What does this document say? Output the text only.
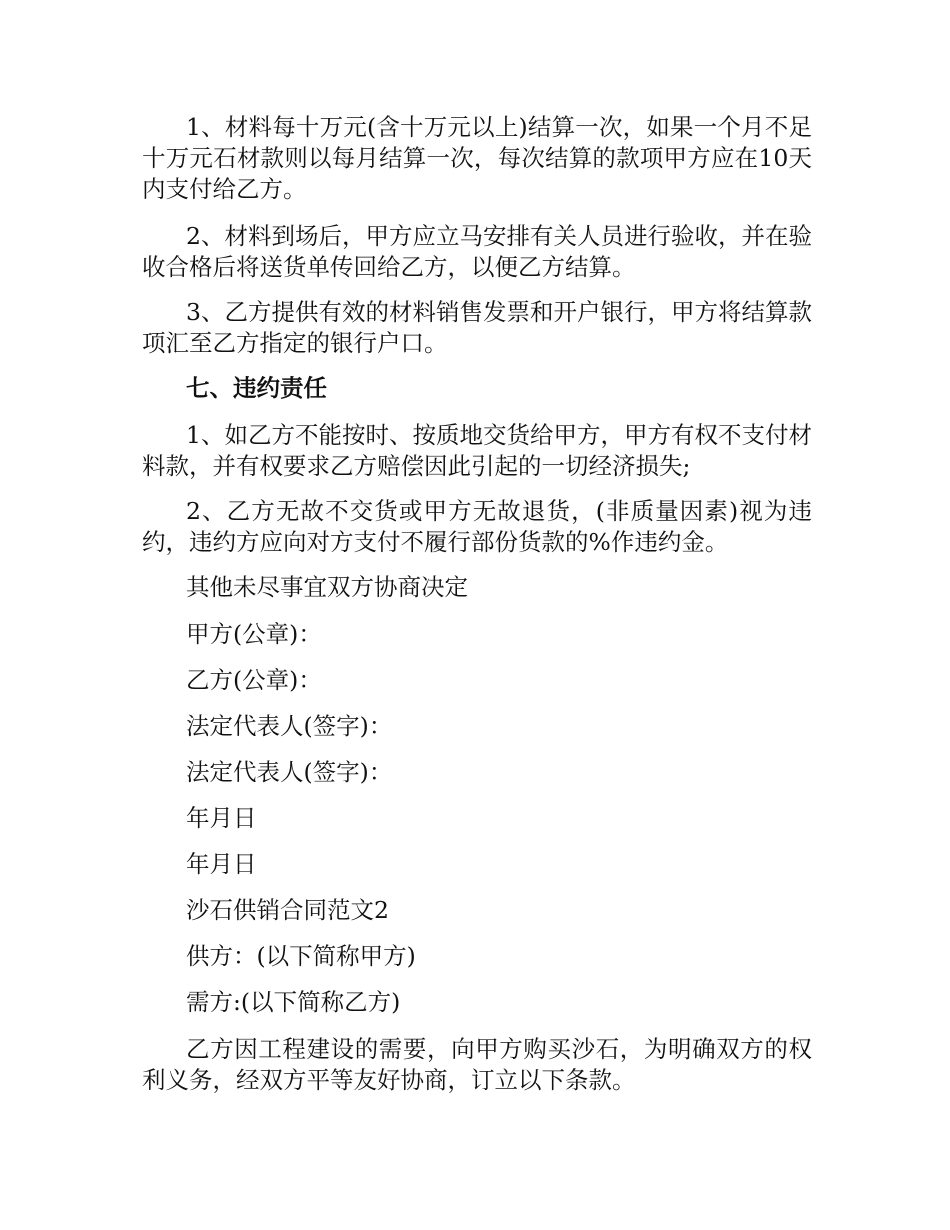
1、材料每十万元(含十万元以上)结算一次，如果一个月不足十万元石材款则以每月结算一次，每次结算的款项甲方应在10天内支付给乙方。

2、材料到场后，甲方应立马安排有关人员进行验收，并在验收合格后将送货单传回给乙方，以便乙方结算。

3、乙方提供有效的材料销售发票和开户银行，甲方将结算款项汇至乙方指定的银行户口。

七、违约责任

1、如乙方不能按时、按质地交货给甲方，甲方有权不支付材料款，并有权要求乙方赔偿因此引起的一切经济损失;

2、乙方无故不交货或甲方无故退货，(非质量因素)视为违约，违约方应向对方支付不履行部份货款的%作违约金。

其他未尽事宜双方协商决定

甲方(公章)：

乙方(公章)：

法定代表人(签字)：

法定代表人(签字)：

年月日

年月日

沙石供销合同范文2

供方：(以下简称甲方)

需方:(以下简称乙方)

乙方因工程建设的需要，向甲方购买沙石，为明确双方的权利义务，经双方平等友好协商，订立以下条款。
